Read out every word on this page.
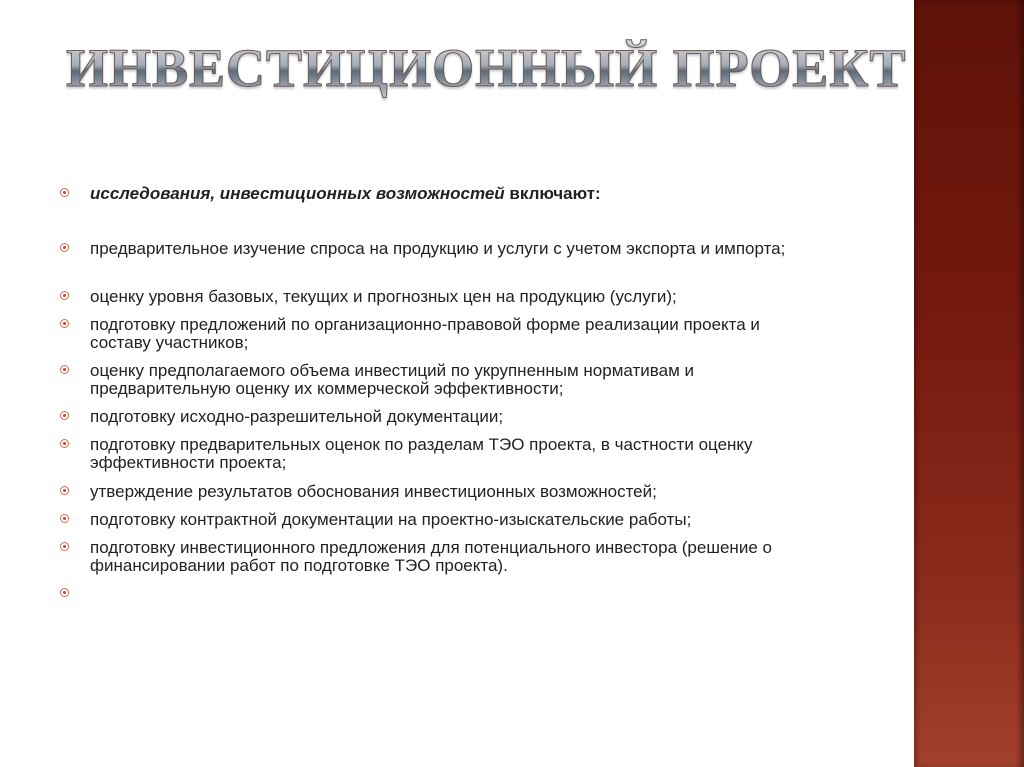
ИНВЕСТИЦИОННЫЙ ПРОЕКТ
исследования, инвестиционных возможностей включают:
предварительное изучение спроса на продукцию и услуги с учетом экспорта и импорта;
оценку уровня базовых, текущих и прогнозных цен на продукцию (услуги);
подготовку предложений по организационно-правовой форме реализации проекта и составу участников;
оценку предполагаемого объема инвестиций по укрупненным нормативам и предварительную оценку их коммерческой эффективности;
подготовку исходно-разрешительной документации;
подготовку предварительных оценок по разделам ТЭО проекта, в частности оценку эффективности проекта;
утверждение результатов обоснования инвестиционных возможностей;
подготовку контрактной документации на проектно-изыскательские работы;
подготовку инвестиционного предложения для потенциального инвестора (решение о финансировании работ по подготовке ТЭО проекта).
